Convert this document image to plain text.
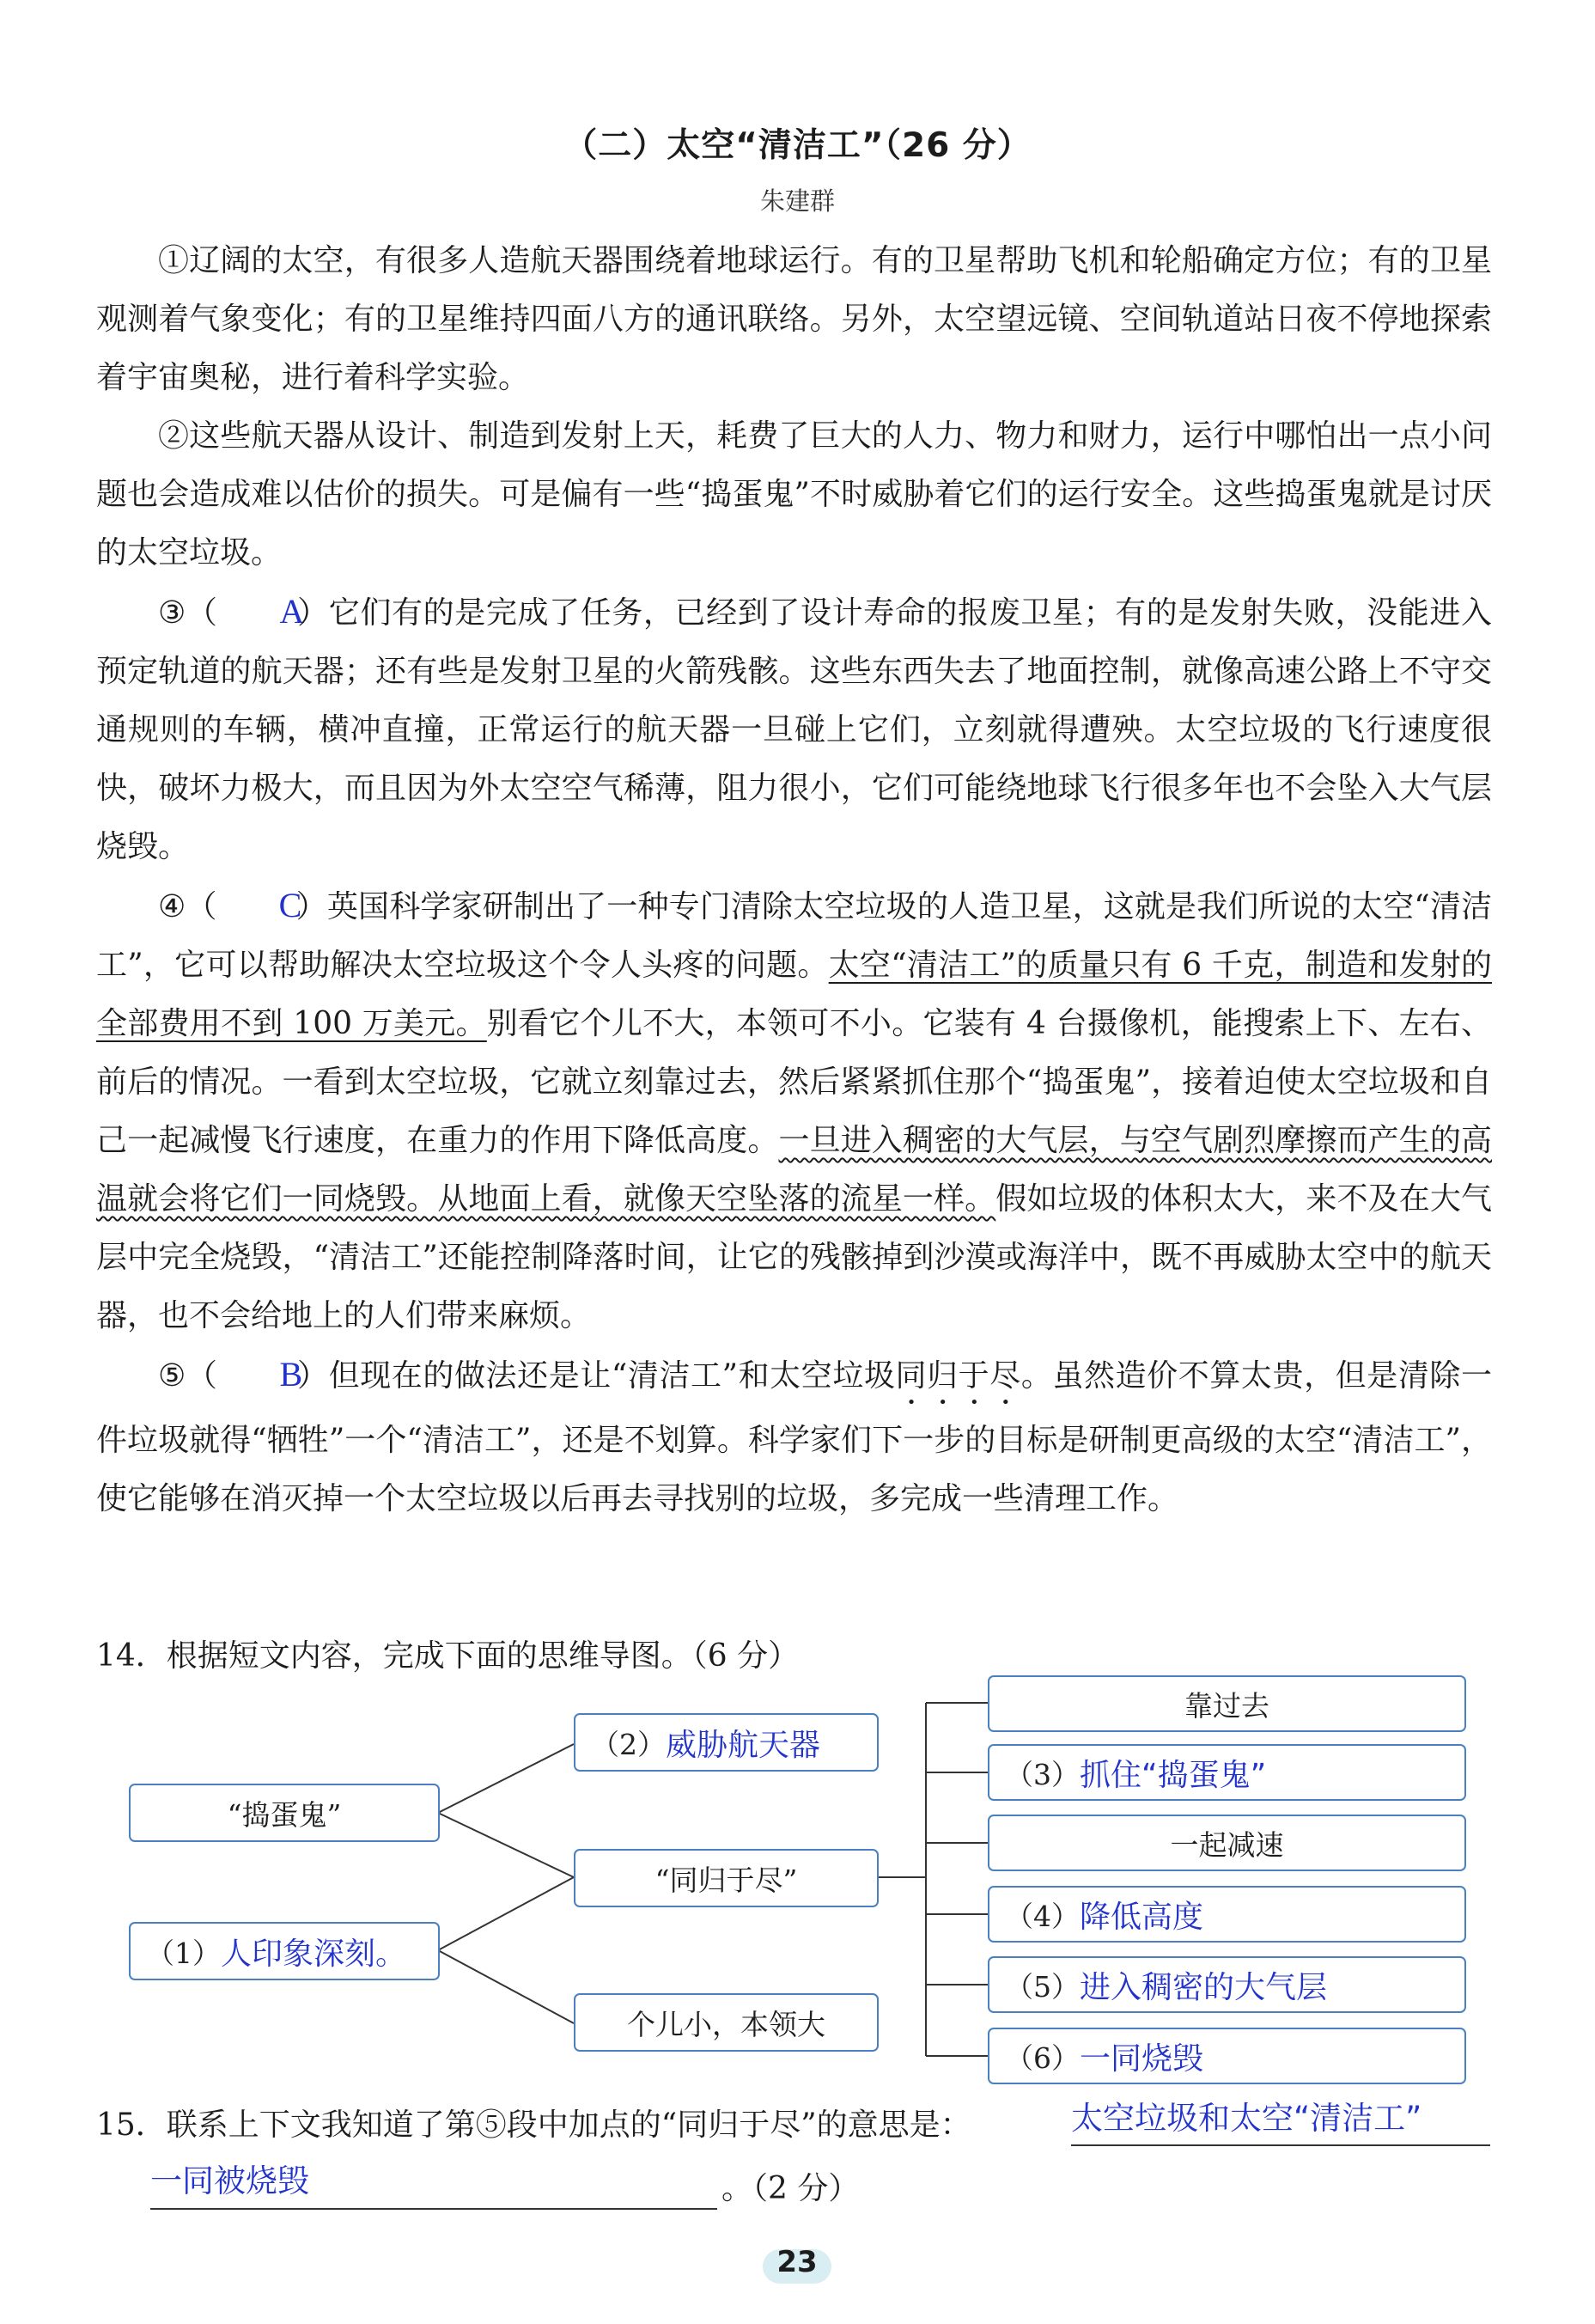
（二）太空“清洁工”（26 分）
朱建群

①辽阔的太空，有很多人造航天器围绕着地球运行。有的卫星帮助飞机和轮船确定方位；有的卫星观测着气象变化；有的卫星维持四面八方的通讯联络。另外，太空望远镜、空间轨道站日夜不停地探索着宇宙奥秘，进行着科学实验。

②这些航天器从设计、制造到发射上天，耗费了巨大的人力、物力和财力，运行中哪怕出一点小问题也会造成难以估价的损失。可是偏有一些“捣蛋鬼”不时威胁着它们的运行安全。这些捣蛋鬼就是讨厌的太空垃圾。

③（ A）它们有的是完成了任务，已经到了设计寿命的报废卫星；有的是发射失败，没能进入预定轨道的航天器；还有些是发射卫星的火箭残骸。这些东西失去了地面控制，就像高速公路上不守交通规则的车辆，横冲直撞，正常运行的航天器一旦碰上它们，立刻就得遭殃。太空垃圾的飞行速度很快，破坏力极大，而且因为外太空空气稀薄，阻力很小，它们可能绕地球飞行很多年也不会坠入大气层烧毁。

④（ C）英国科学家研制出了一种专门清除太空垃圾的人造卫星，这就是我们所说的太空“清洁工”，它可以帮助解决太空垃圾这个令人头疼的问题。太空“清洁工”的质量只有 6 千克，制造和发射的全部费用不到 100 万美元。别看它个儿不大，本领可不小。它装有 4 台摄像机，能搜索上下、左右、前后的情况。一看到太空垃圾，它就立刻靠过去，然后紧紧抓住那个“捣蛋鬼”，接着迫使太空垃圾和自己一起减慢飞行速度，在重力的作用下降低高度。一旦进入稠密的大气层，与空气剧烈摩擦而产生的高温就会将它们一同烧毁。从地面上看，就像天空坠落的流星一样。假如垃圾的体积太大，来不及在大气层中完全烧毁，“清洁工”还能控制降落时间，让它的残骸掉到沙漠或海洋中，既不再威胁太空中的航天器，也不会给地上的人们带来麻烦。

⑤（ B）但现在的做法还是让“清洁工”和太空垃圾同归于尽。虽然造价不算太贵，但是清除一件垃圾就得“牺牲”一个“清洁工”，还是不划算。科学家们下一步的目标是研制更高级的太空“清洁工”，使它能够在消灭掉一个太空垃圾以后再去寻找别的垃圾，多完成一些清理工作。

14．根据短文内容，完成下面的思维导图。（6 分）
“捣蛋鬼”
（1） 人印象深刻。
（2） 威胁航天器
“同归于尽”
个儿小，本领大
靠过去
（3） 抓住“捣蛋鬼”
一起减速
（4） 降低高度
（5） 进入稠密的大气层
（6） 一同烧毁
15．联系上下文我知道了第⑤段中加点的“同归于尽”的意思是：	太空垃圾和太空“清洁工”
一同被烧毁	。（2 分）
23
